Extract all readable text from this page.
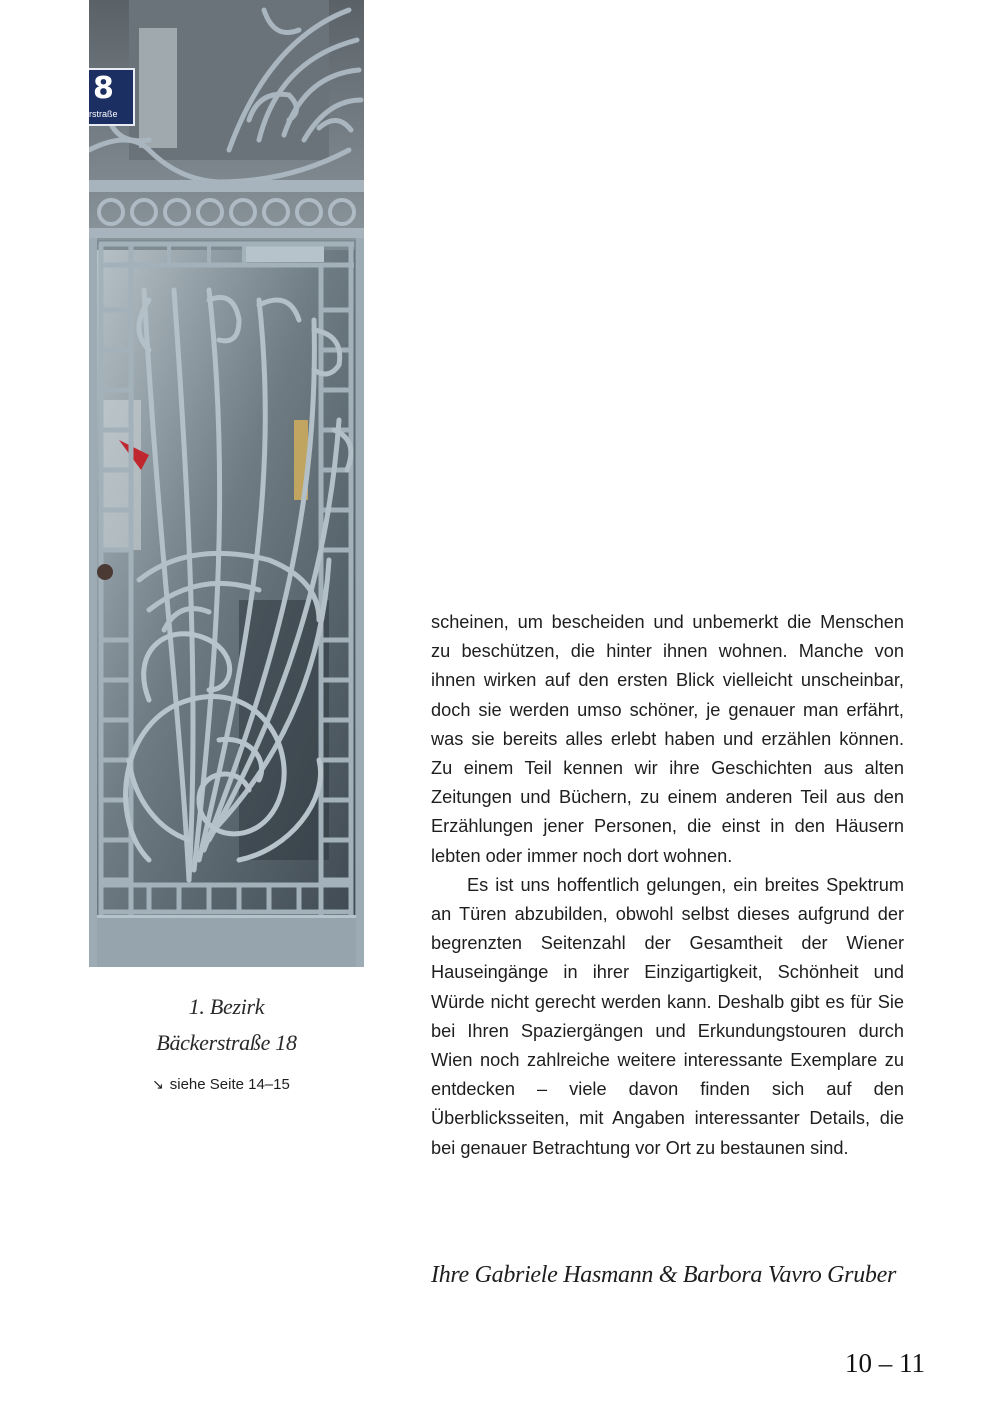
8
rstraße
1. Bezirk
Bäckerstraße 18
↘ siehe Seite 14–15

scheinen, um bescheiden und unbemerkt die Menschen zu beschützen, die hinter ihnen wohnen. Manche von ihnen wirken auf den ersten Blick vielleicht unscheinbar, doch sie werden umso schöner, je genauer man erfährt, was sie bereits alles erlebt haben und erzählen können. Zu einem Teil kennen wir ihre Geschichten aus alten Zeitungen und Büchern, zu einem anderen Teil aus den Erzählungen jener Personen, die einst in den Häusern lebten oder immer noch dort wohnen.

Es ist uns hoffentlich gelungen, ein breites Spektrum an Türen abzubilden, obwohl selbst dieses aufgrund der begrenzten Seitenzahl der Gesamtheit der Wiener Hauseingänge in ihrer Einzigartigkeit, Schönheit und Würde nicht gerecht werden kann. Deshalb gibt es für Sie bei Ihren Spaziergängen und Erkundungstouren durch Wien noch zahlreiche weitere interessante Exemplare zu entdecken – viele davon finden sich auf den Überblicksseiten, mit Angaben interessanter Details, die bei genauer Betrachtung vor Ort zu bestaunen sind.

Ihre Gabriele Hasmann & Barbora Vavro Gruber
10 – 11
